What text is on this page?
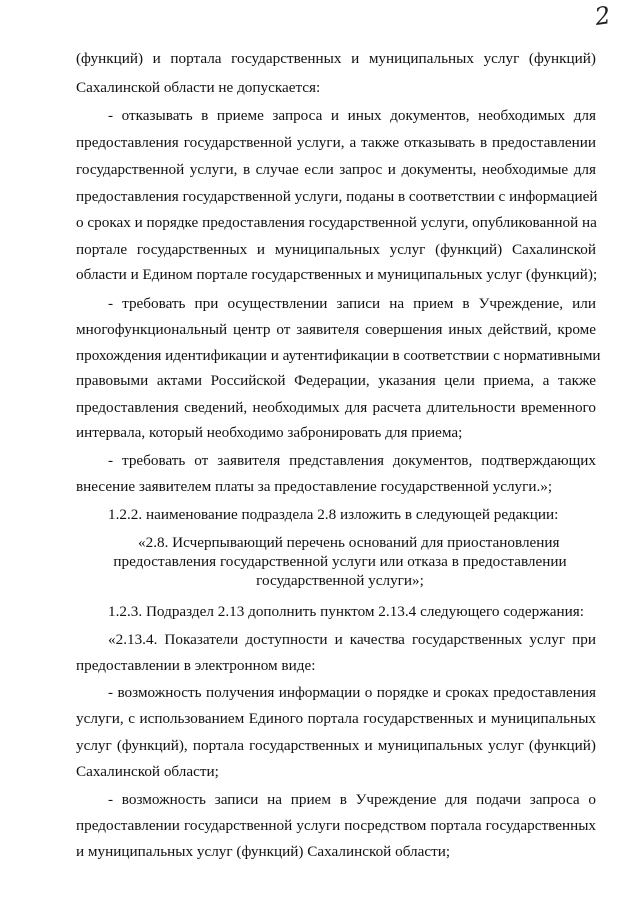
2
(функций) и портала государственных и муниципальных услуг (функций)
Сахалинской области не допускается:
- отказывать в приеме запроса и иных документов, необходимых для
предоставления государственной услуги, а также отказывать в предоставлении
государственной услуги, в случае если запрос и документы, необходимые для
предоставления государственной услуги, поданы в соответствии с информацией
о сроках и порядке предоставления государственной услуги, опубликованной на
портале государственных и муниципальных услуг (функций) Сахалинской
области и Едином портале государственных и муниципальных услуг (функций);
- требовать при осуществлении записи на прием в Учреждение, или
многофункциональный центр от заявителя совершения иных действий, кроме
прохождения идентификации и аутентификации в соответствии с нормативными
правовыми актами Российской Федерации, указания цели приема, а также
предоставления сведений, необходимых для расчета длительности временного
интервала, который необходимо забронировать для приема;
- требовать от заявителя представления документов, подтверждающих
внесение заявителем платы за предоставление государственной услуги.»;
1.2.2. наименование подраздела 2.8 изложить в следующей редакции:
«2.8. Исчерпывающий перечень оснований для приостановления
предоставления государственной услуги или отказа в предоставлении
государственной услуги»;
1.2.3. Подраздел 2.13 дополнить пунктом 2.13.4 следующего содержания:
«2.13.4. Показатели доступности и качества государственных услуг при
предоставлении в электронном виде:
- возможность получения информации о порядке и сроках предоставления
услуги, с использованием Единого портала государственных и муниципальных
услуг (функций), портала государственных и муниципальных услуг (функций)
Сахалинской области;
- возможность записи на прием в Учреждение для подачи запроса о
предоставлении государственной услуги посредством портала государственных
и муниципальных услуг (функций) Сахалинской области;
